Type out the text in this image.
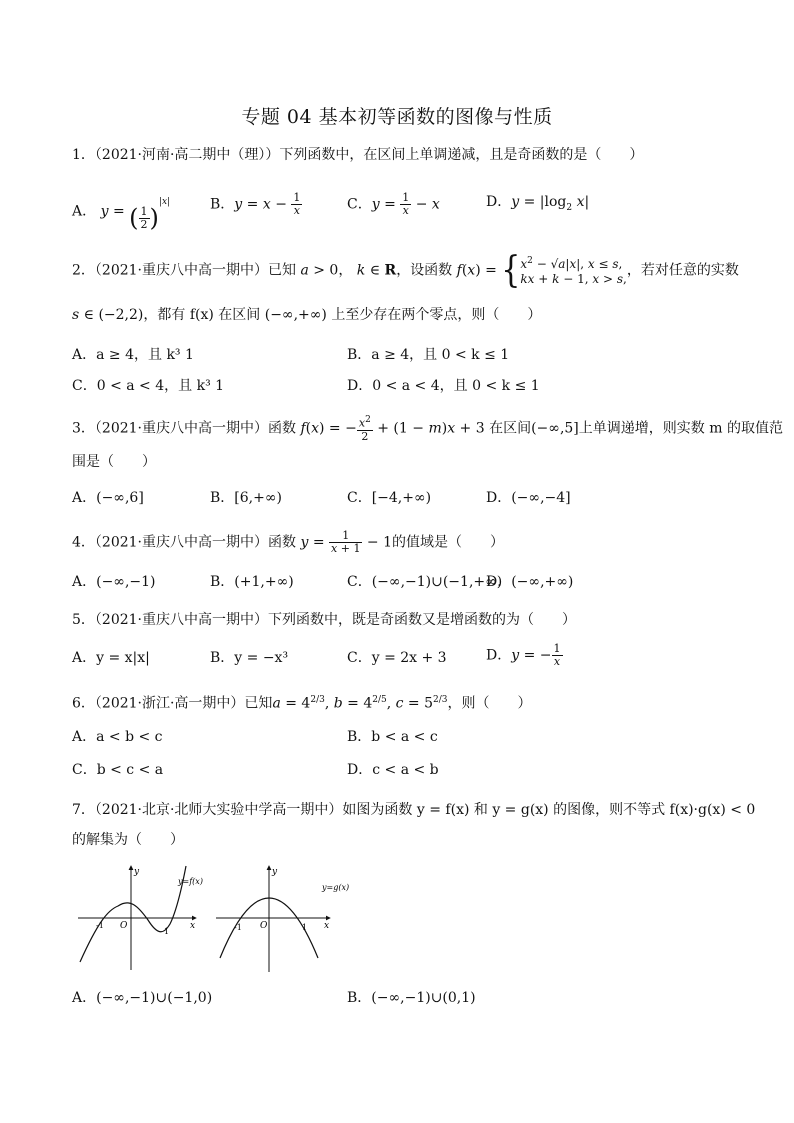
专题 04 基本初等函数的图像与性质
1．（2021·河南·高二期中（理））下列函数中，在区间上单调递减，且是奇函数的是（　　）
A． y = ( $\frac{1}{2} )^{|x|}$	B．$y = x - \frac{1}{x}$	C．$y = \frac{1}{x} - x$	D．$y = |\log_2$ x|
2．（2021·重庆八中高一期中）已知 a > 0， k ∈ R，设函数 f(x) = { $x^2 - √a|x|$, x ≤ s,
kx + k − 1, x > s,
，若对任意的实数
s ∈ (−2,2)，都有 f(x) 在区间 (−∞,+∞) 上至少存在两个零点，则（　　）
A．a ≥ 4，且 k³ 1	B．a ≥ 4，且 0 < k ≤ 1
C．0 < a < 4，且 k³ 1	D．0 < a < 4，且 0 < k ≤ 1
3．（2021·重庆八中高一期中）函数 f(x) = − $\frac{x^2}{2} + (1 - m)x + 3$ 在区间(−∞,5]上单调递增，则实数 m 的取值范
围是（　　）
A．(−∞,6]	B．[6,+∞)	C．[−4,+∞)	D．(−∞,−4]
4．（2021·重庆八中高一期中）函数 $y = \frac{1}{x + 1} - 1$的值域是（　　）
A．(−∞,−1)	B．(+1,+∞)	C．(−∞,−1)∪(−1,+∞)
D．(−∞,+∞)
5．（2021·重庆八中高一期中）下列函数中，既是奇函数又是增函数的为（　　）
A．y = x|x|	B．y = −x³	C．y = 2x + 3	D．y = − $\frac{1}{x}$
6．（2021·浙江·高一期中）已知$a = 4^{2/3}$, $b = 4^{2/5}$, $c = 5^{2/3}$，则（　　）
A．a < b < c	B．b < a < c
C．b < c < a	D．c < a < b
7．（2021·北京·北师大实验中学高一期中）如图为函数 y = f(x) 和 y = g(x) 的图像，则不等式 f(x)·g(x) < 0
的解集为（　　）
y=f(x)
y
x
O
-1
1
y=g(x)
y
x
O
-1	1
A．(−∞,−1)∪(−1,0)	B．(−∞,−1)∪(0,1)
